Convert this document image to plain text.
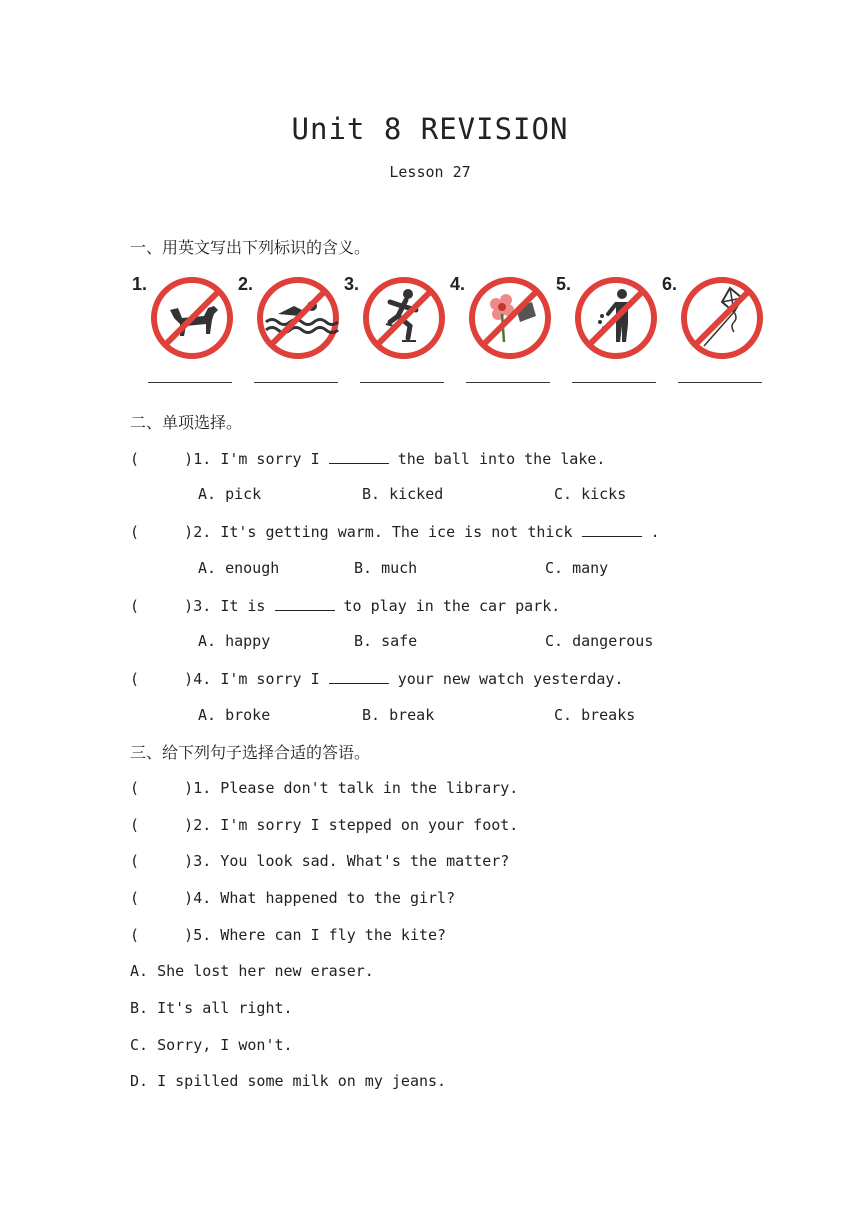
Unit 8 REVISION
Lesson 27
一、用英文写出下列标识的含义。
1.	2.	3.	4.	5.	6.
二、单项选择。
(     )1. I'm sorry I	the ball into the lake.
A. pick	B. kicked	C. kicks
(     )2. It's getting warm. The ice is not thick	.
A. enough	B. much	C. many
(     )3. It is	to play in the car park.
A. happy	B. safe	C. dangerous
(     )4. I'm sorry I	your new watch yesterday.
A. broke	B. break	C. breaks
三、给下列句子选择合适的答语。
(     )1. Please don't talk in the library.
(     )2. I'm sorry I stepped on your foot.
(     )3. You look sad. What's the matter?
(     )4. What happened to the girl?
(     )5. Where can I fly the kite?
A. She lost her new eraser.
B. It's all right.
C. Sorry, I won't.
D. I spilled some milk on my jeans.
